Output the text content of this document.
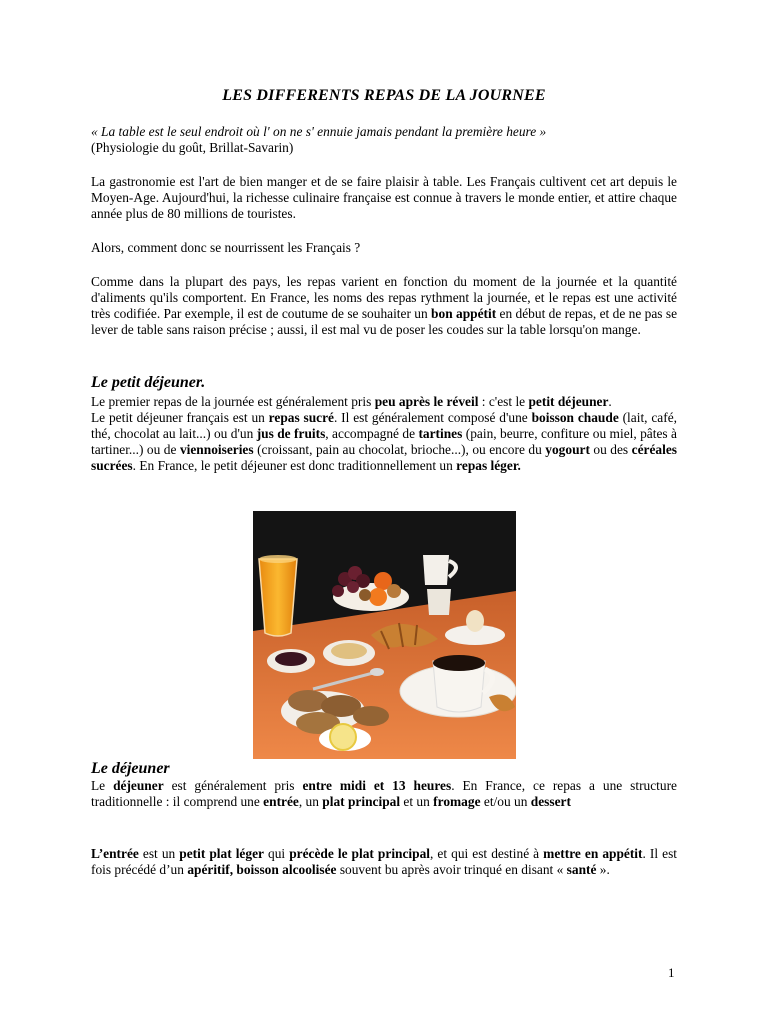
LES DIFFERENTS REPAS DE LA JOURNEE
« La table est le seul endroit où l' on ne s' ennuie jamais pendant la première heure »
(Physiologie du goût, Brillat-Savarin)
La gastronomie est l'art de bien manger et de se faire plaisir à table. Les Français cultivent cet art depuis le Moyen-Age. Aujourd'hui, la richesse culinaire française est connue à travers le monde entier, et attire chaque année plus de 80 millions de touristes.
Alors, comment donc se nourrissent les Français ?
Comme dans la plupart des pays, les repas varient en fonction du moment de la journée et la quantité d'aliments qu'ils comportent. En France, les noms des repas rythment la journée, et le repas est une activité très codifiée. Par exemple, il est de coutume de se souhaiter un bon appétit en début de repas, et de ne pas se lever de table sans raison précise ; aussi, il est mal vu de poser les coudes sur la table lorsqu'on mange.
Le petit déjeuner.
Le premier repas de la journée est généralement pris peu après le réveil : c'est le petit déjeuner.
Le petit déjeuner français est un repas sucré. Il est généralement composé d'une boisson chaude (lait, café, thé, chocolat au lait...) ou d'un jus de fruits, accompagné de tartines (pain, beurre, confiture ou miel, pâtes à tartiner...) ou de viennoiseries (croissant, pain au chocolat, brioche...), ou encore du yogourt ou des céréales sucrées. En France, le petit déjeuner est donc traditionnellement un repas léger.
Le déjeuner
Le déjeuner est généralement pris entre midi et 13 heures. En France, ce repas a une structure traditionnelle : il comprend une entrée, un plat principal et un fromage et/ou un dessert
L’entrée est un petit plat léger qui précède le plat principal, et qui est destiné à mettre en appétit. Il est fois précédé d’un apéritif, boisson alcoolisée souvent bu après avoir trinqué en disant « santé ».
1
